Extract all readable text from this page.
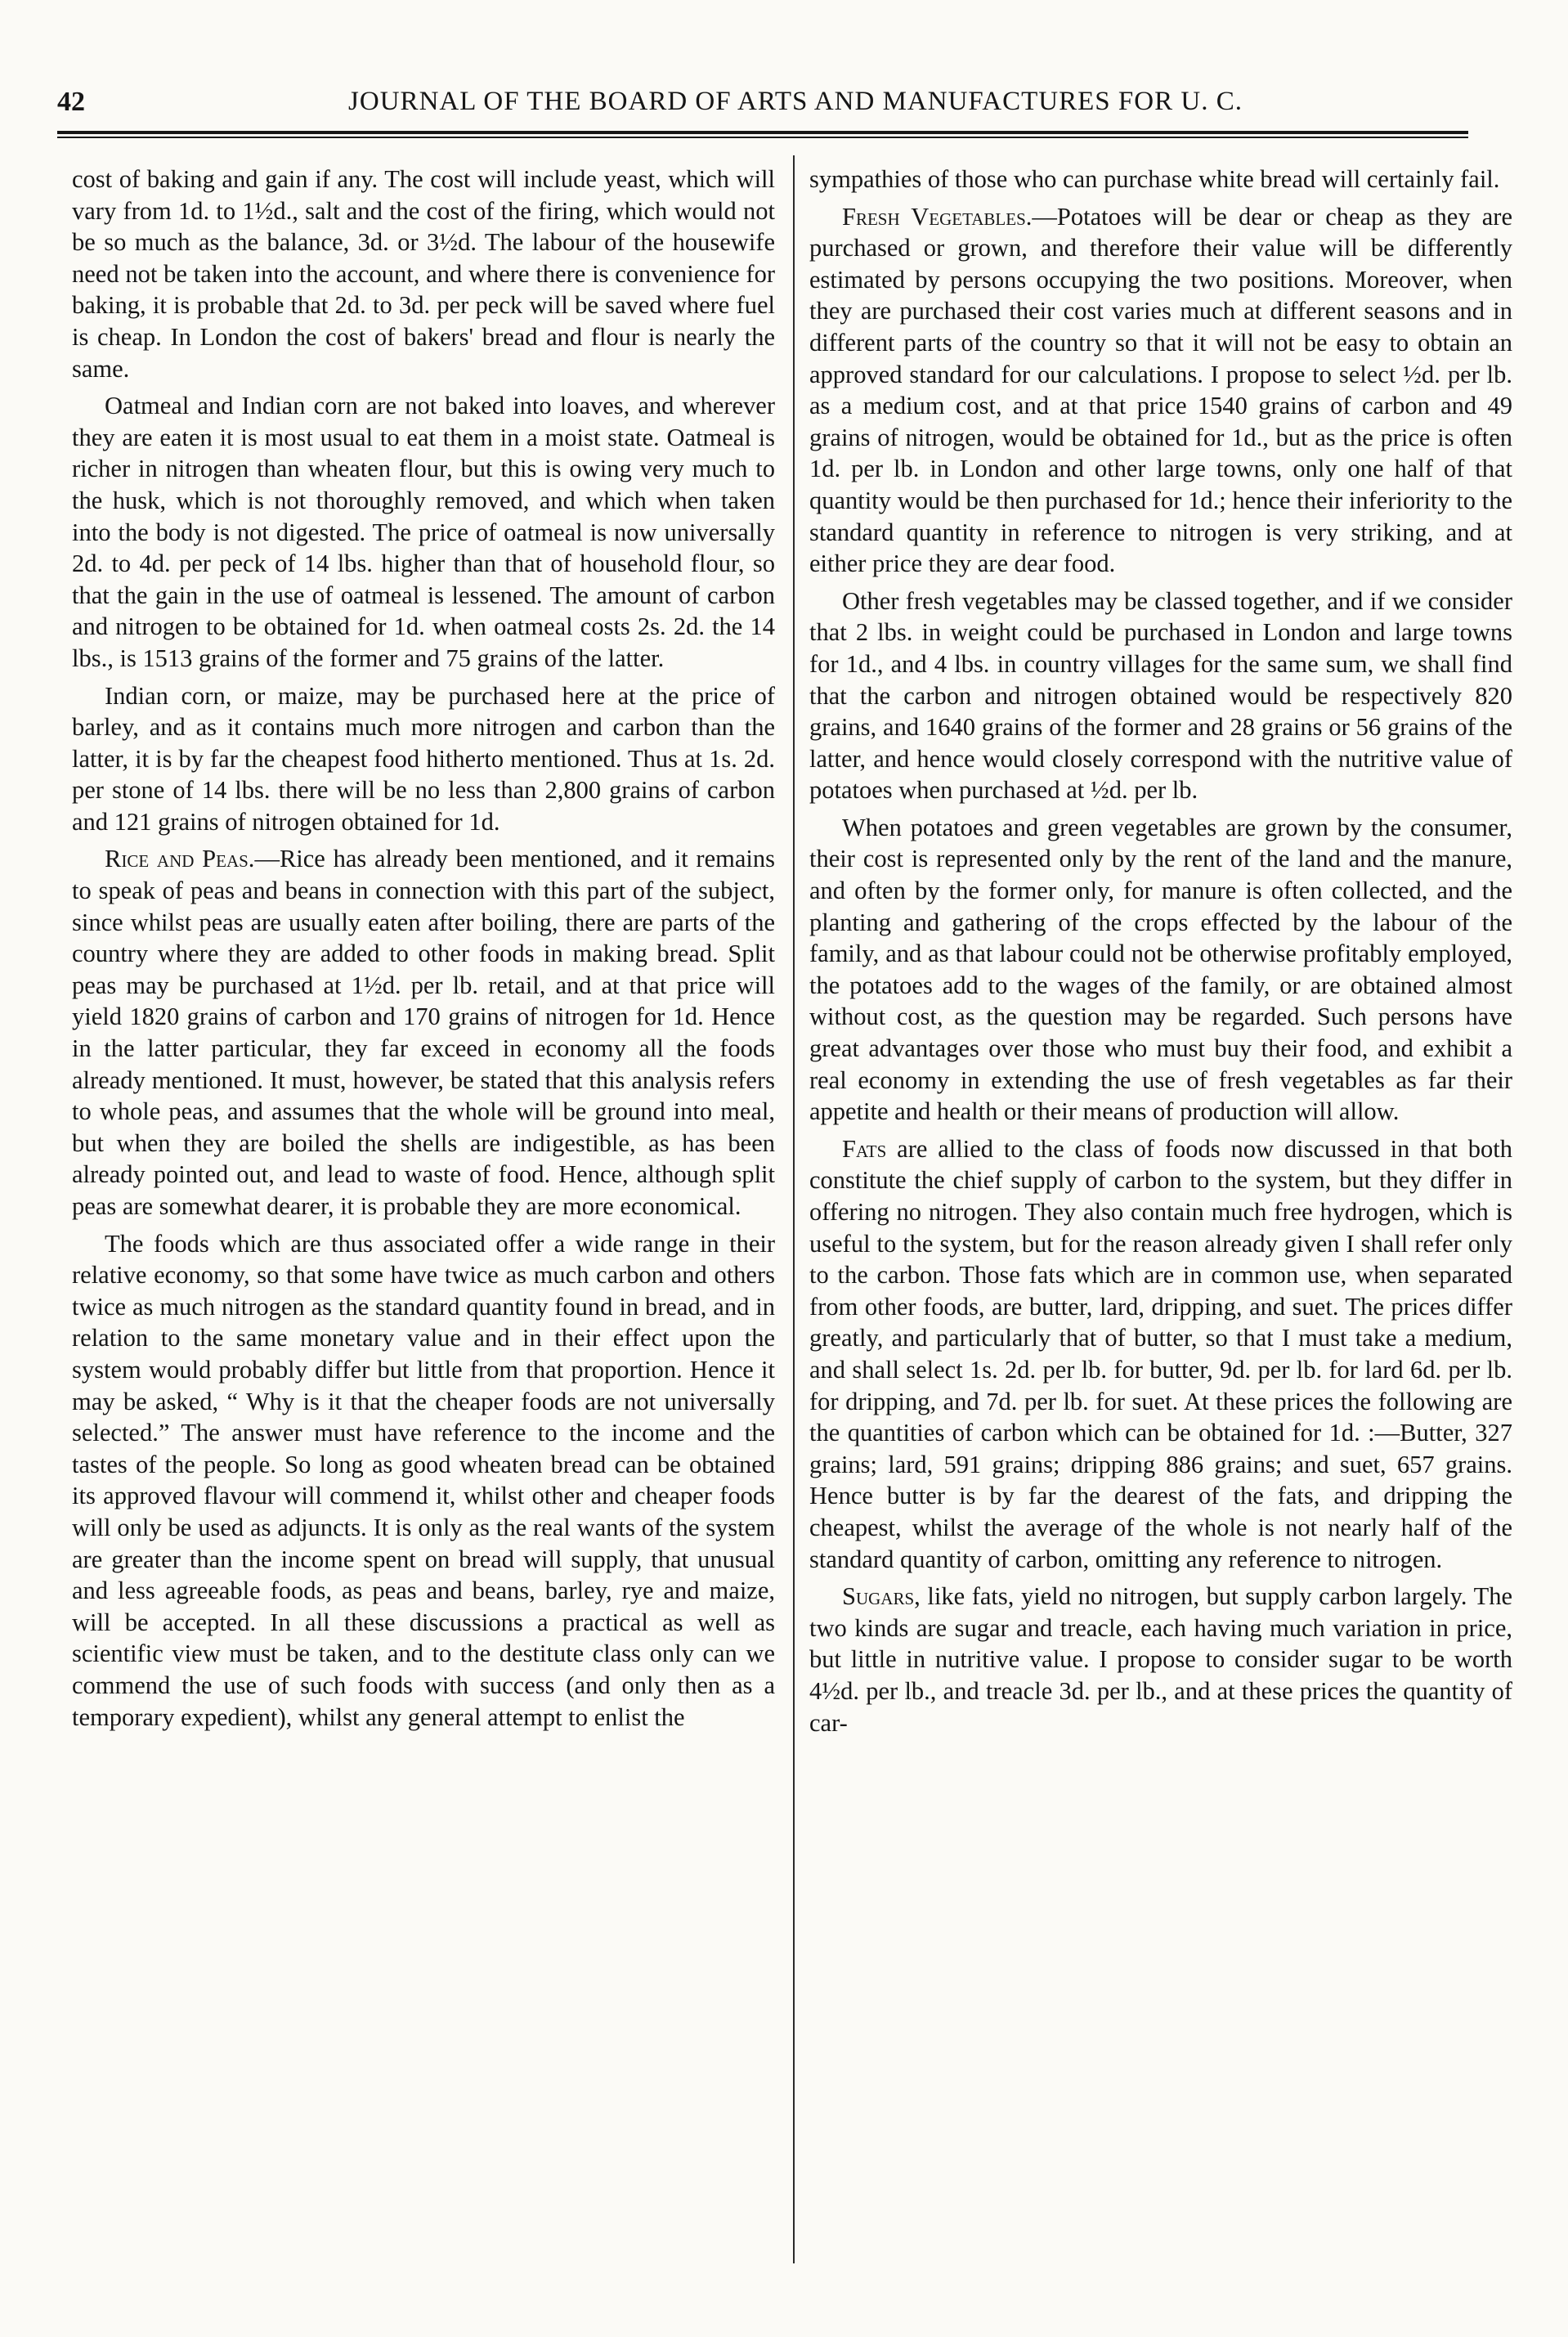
42	JOURNAL OF THE BOARD OF ARTS AND MANUFACTURES FOR U. C.

cost of baking and gain if any. The cost will include yeast, which will vary from 1d. to 1½d., salt and the cost of the firing, which would not be so much as the balance, 3d. or 3½d. The labour of the housewife need not be taken into the account, and where there is convenience for baking, it is probable that 2d. to 3d. per peck will be saved where fuel is cheap. In London the cost of bakers' bread and flour is nearly the same.

Oatmeal and Indian corn are not baked into loaves, and wherever they are eaten it is most usual to eat them in a moist state. Oatmeal is richer in nitrogen than wheaten flour, but this is owing very much to the husk, which is not thoroughly removed, and which when taken into the body is not digested. The price of oatmeal is now universally 2d. to 4d. per peck of 14 lbs. higher than that of household flour, so that the gain in the use of oatmeal is lessened. The amount of carbon and nitrogen to be obtained for 1d. when oatmeal costs 2s. 2d. the 14 lbs., is 1513 grains of the former and 75 grains of the latter.

Indian corn, or maize, may be purchased here at the price of barley, and as it contains much more nitrogen and carbon than the latter, it is by far the cheapest food hitherto mentioned. Thus at 1s. 2d. per stone of 14 lbs. there will be no less than 2,800 grains of carbon and 121 grains of nitrogen obtained for 1d.

Rice and Peas.—Rice has already been mentioned, and it remains to speak of peas and beans in connection with this part of the subject, since whilst peas are usually eaten after boiling, there are parts of the country where they are added to other foods in making bread. Split peas may be purchased at 1½d. per lb. retail, and at that price will yield 1820 grains of carbon and 170 grains of nitrogen for 1d. Hence in the latter particular, they far exceed in economy all the foods already mentioned. It must, however, be stated that this analysis refers to whole peas, and assumes that the whole will be ground into meal, but when they are boiled the shells are indigestible, as has been already pointed out, and lead to waste of food. Hence, although split peas are somewhat dearer, it is probable they are more economical.

The foods which are thus associated offer a wide range in their relative economy, so that some have twice as much carbon and others twice as much nitrogen as the standard quantity found in bread, and in relation to the same monetary value and in their effect upon the system would probably differ but little from that proportion. Hence it may be asked, “ Why is it that the cheaper foods are not universally selected.” The answer must have reference to the income and the tastes of the people. So long as good wheaten bread can be obtained its approved flavour will commend it, whilst other and cheaper foods will only be used as adjuncts. It is only as the real wants of the system are greater than the income spent on bread will supply, that unusual and less agreeable foods, as peas and beans, barley, rye and maize, will be accepted. In all these discussions a practical as well as scientific view must be taken, and to the destitute class only can we commend the use of such foods with success (and only then as a temporary expedient), whilst any general attempt to enlist the

sympathies of those who can purchase white bread will certainly fail.

Fresh Vegetables.—Potatoes will be dear or cheap as they are purchased or grown, and therefore their value will be differently estimated by persons occupying the two positions. Moreover, when they are purchased their cost varies much at different seasons and in different parts of the country so that it will not be easy to obtain an approved standard for our calculations. I propose to select ½d. per lb. as a medium cost, and at that price 1540 grains of carbon and 49 grains of nitrogen, would be obtained for 1d., but as the price is often 1d. per lb. in London and other large towns, only one half of that quantity would be then purchased for 1d.; hence their inferiority to the standard quantity in reference to nitrogen is very striking, and at either price they are dear food.

Other fresh vegetables may be classed together, and if we consider that 2 lbs. in weight could be purchased in London and large towns for 1d., and 4 lbs. in country villages for the same sum, we shall find that the carbon and nitrogen obtained would be respectively 820 grains, and 1640 grains of the former and 28 grains or 56 grains of the latter, and hence would closely correspond with the nutritive value of potatoes when purchased at ½d. per lb.

When potatoes and green vegetables are grown by the consumer, their cost is represented only by the rent of the land and the manure, and often by the former only, for manure is often collected, and the planting and gathering of the crops effected by the labour of the family, and as that labour could not be otherwise profitably employed, the potatoes add to the wages of the family, or are obtained almost without cost, as the question may be regarded. Such persons have great advantages over those who must buy their food, and exhibit a real economy in extending the use of fresh vegetables as far their appetite and health or their means of production will allow.

Fats are allied to the class of foods now discussed in that both constitute the chief supply of carbon to the system, but they differ in offering no nitrogen. They also contain much free hydrogen, which is useful to the system, but for the reason already given I shall refer only to the carbon. Those fats which are in common use, when separated from other foods, are butter, lard, dripping, and suet. The prices differ greatly, and particularly that of butter, so that I must take a medium, and shall select 1s. 2d. per lb. for butter, 9d. per lb. for lard 6d. per lb. for dripping, and 7d. per lb. for suet. At these prices the following are the quantities of carbon which can be obtained for 1d. :—Butter, 327 grains; lard, 591 grains; dripping 886 grains; and suet, 657 grains. Hence butter is by far the dearest of the fats, and dripping the cheapest, whilst the average of the whole is not nearly half of the standard quantity of carbon, omitting any reference to nitrogen.

Sugars, like fats, yield no nitrogen, but supply carbon largely. The two kinds are sugar and treacle, each having much variation in price, but little in nutritive value. I propose to consider sugar to be worth 4½d. per lb., and treacle 3d. per lb., and at these prices the quantity of car-
